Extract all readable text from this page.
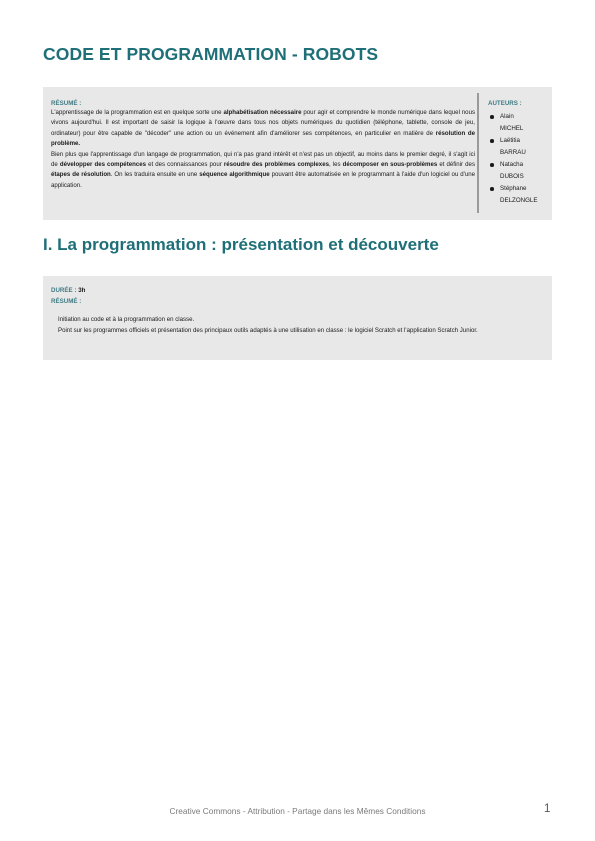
CODE ET PROGRAMMATION - ROBOTS
RÉSUMÉ :

L'apprentissage de la programmation est en quelque sorte une alphabétisation nécessaire pour agir et comprendre le monde numérique dans lequel nous vivons aujourd'hui. Il est important de saisir la logique à l'œuvre dans tous nos objets numériques du quotidien (téléphone, tablette, console de jeu, ordinateur) pour être capable de "décoder" une action ou un événement afin d'améliorer ses compétences, en particulier en matière de résolution de problème.

Bien plus que l'apprentissage d'un langage de programmation, qui n'a pas grand intérêt et n'est pas un objectif, au moins dans le premier degré, il s'agit ici de développer des compétences et des connaissances pour résoudre des problèmes complexes, les décomposer en sous-problèmes et définir des étapes de résolution. On les traduira ensuite en une séquence algorithmique pouvant être automatisée en le programmant à l'aide d'un logiciel ou d'une application.

AUTEURS :
Alain
MICHEL
Laëtitia
BARRAU
Natacha
DUBOIS
Stéphane
DELZONGLE
I. La programmation : présentation et découverte
DURÉE : 3h
RÉSUMÉ :
Initiation au code et à la programmation en classe.
Point sur les programmes officiels et présentation des principaux outils adaptés à une utilisation en classe : le logiciel Scratch et l'application Scratch Junior.
Creative Commons - Attribution - Partage dans les Mêmes Conditions	1
